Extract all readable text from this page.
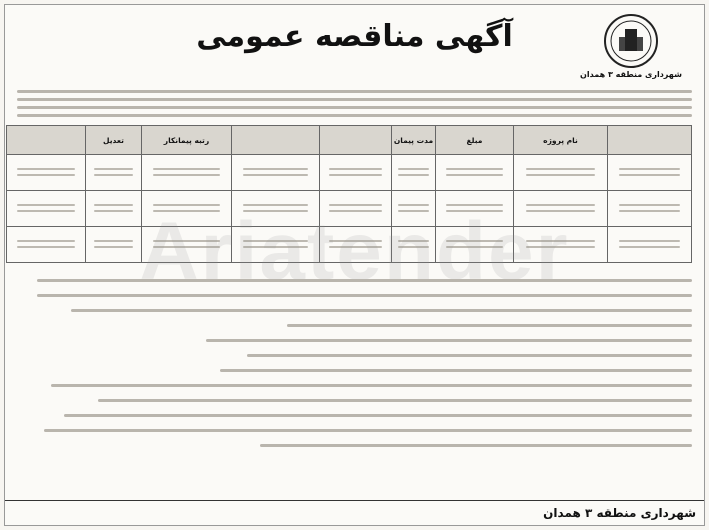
شهرداری منطقه ۳ همدان
آگهی مناقصه عمومی
	نام پروژه	مبلغ	مدت پیمان			رتبه پیمانکار	تعدیل	

شهرداری منطقه ۳ همدان
